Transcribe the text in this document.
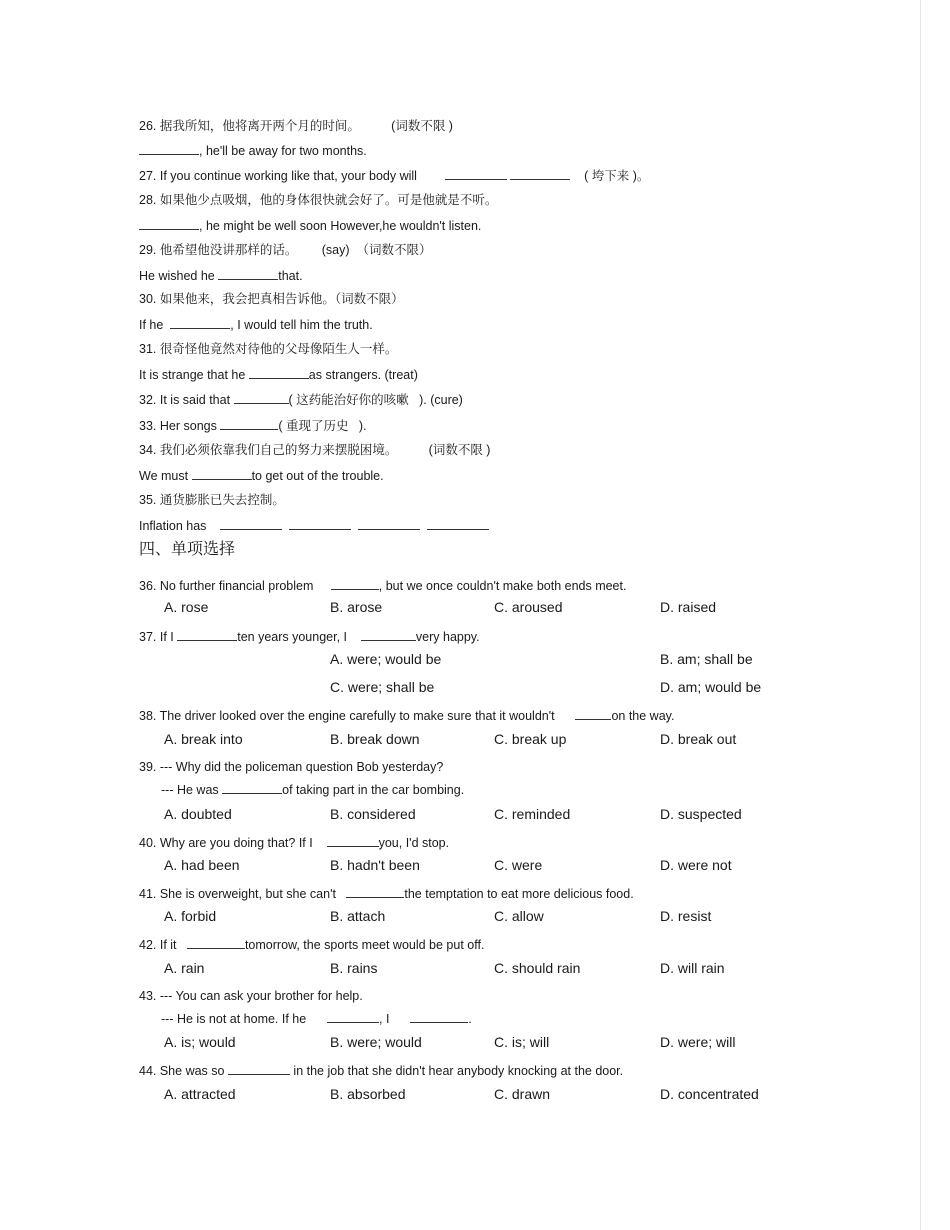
26. 据我所知，他将离开两个月的时间。	(词数不限 )
, he'll be away for two months.
27. If you continue working like that, your body will	( 垮下来 )。
28. 如果他少点吸烟，他的身体很快就会好了。可是他就是不听。
, he might be well soon However,he wouldn't listen.
29. 他希望他没讲那样的话。 (say) （词数不限）
He wished he	that.
30. 如果他来，我会把真相告诉他。（词数不限）
If he	, I would tell him the truth.
31. 很奇怪他竟然对待他的父母像陌生人一样。
It is strange that he	as strangers. (treat)
32. It is said that	( 这药能治好你的咳嗽 ). (cure)
33. Her songs	( 重现了历史 ).
34. 我们必须依靠我们自己的努力来摆脱困境。	(词数不限 )
We must	to get out of the trouble.
35. 通货膨胀已失去控制。
Inflation has
四、单项选择
36. No further financial problem	, but we once couldn't make both ends meet.
A. rose	B. arose	C. aroused	D. raised
37. If I	ten years younger, I	very happy.
A. were; would be	B. am; shall be
C. were; shall be	D. am; would be
38. The driver looked over the engine carefully to make sure that it wouldn't	on the way.
A. break into	B. break down	C. break up	D. break out
39. --- Why did the policeman question Bob yesterday?
--- He was	of taking part in the car bombing.
A. doubted	B. considered	C. reminded	D. suspected
40. Why are you doing that? If I	you, I'd stop.
A. had been	B. hadn't been	C. were	D. were not
41. She is overweight, but she can't	the temptation to eat more delicious food.
A. forbid	B. attach	C. allow	D. resist
42. If it	tomorrow, the sports meet would be put off.
A. rain	B. rains	C. should rain	D. will rain
43. --- You can ask your brother for help.
--- He is not at home. If he	, I	.
A. is; would	B. were; would	C. is; will	D. were; will
44. She was so	in the job that she didn't hear anybody knocking at the door.
A. attracted	B. absorbed	C. drawn	D. concentrated
